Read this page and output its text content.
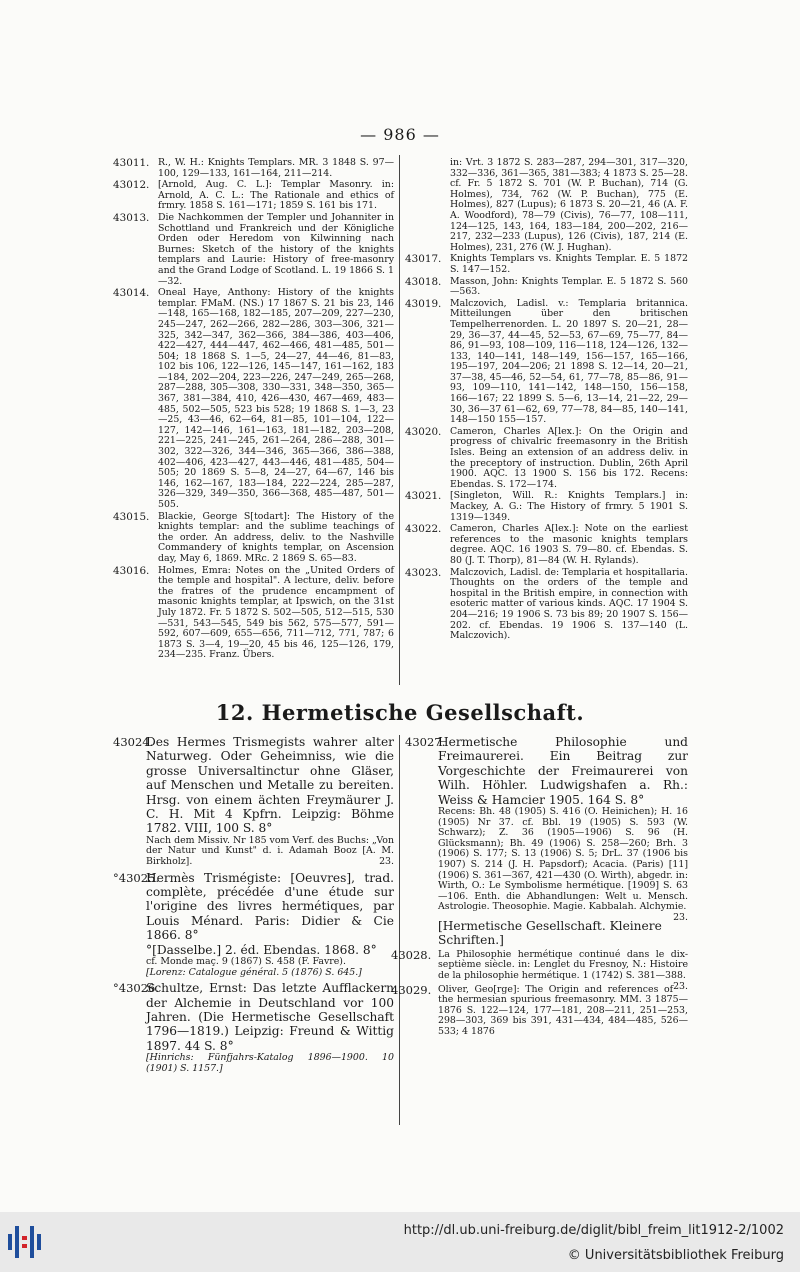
— 986 —
43011. R., W. H.: Knights Templars. MR. 3 1848 S. 97—100, 129—133, 161—164, 211—214.
43012. [Arnold, Aug. C. L.]: Templar Masonry. in: Arnold, A. C. L.: The Rationale and ethics of frmry. 1858 S. 161—171; 1859 S. 161 bis 171.
43013. Die Nachkommen der Templer und Johanniter in Schottland und Frankreich und der Königliche Orden oder Heredom von Kilwinning nach Burnes: Sketch of the history of the knights templars and Laurie: History of free-masonry and the Grand Lodge of Scotland. L. 19 1866 S. 1—32.
43014. Oneal Haye, Anthony: History of the knights templar. FMaM. (NS.) 17 1867 S. 21 bis 23, 146—148, 165—168, 182—185, 207—209, 227—230, 245—247, 262—266, 282—286, 303—306, 321—325, 342—347, 362—366, 384—386, 403—406, 422—427, 444—447, 462—466, 481—485, 501—504; 18 1868 S. 1—5, 24—27, 44—46, 81—83, 102 bis 106, 122—126, 145—147, 161—162, 183—184, 202—204, 223—226, 247—249, 265—268, 287—288, 305—308, 330—331, 348—350, 365—367, 381—384, 410, 426—430, 467—469, 483—485, 502—505, 523 bis 528; 19 1868 S. 1—3, 23—25, 43—46, 62—64, 81—85, 101—104, 122—127, 142—146, 161—163, 181—182, 203—208, 221—225, 241—245, 261—264, 286—288, 301—302, 322—326, 344—346, 365—366, 386—388, 402—406, 423—427, 443—446, 481—485, 504—505; 20 1869 S. 5—8, 24—27, 64—67, 146 bis 146, 162—167, 183—184, 222—224, 285—287, 326—329, 349—350, 366—368, 485—487, 501—505.
43015. Blackie, George S[todart]: The History of the knights templar: and the sublime teachings of the order. An address, deliv. to the Nashville Commandery of knights templar, on Ascension day, May 6, 1869. MRc. 2 1869 S. 65—83.
43016. Holmes, Emra: Notes on the „United Orders of the temple and hospital". A lecture, deliv. before the fratres of the prudence encampment of masonic knights templar, at Ipswich, on the 31st July 1872. Fr. 5 1872 S. 502—505, 512—515, 530—531, 543—545, 549 bis 562, 575—577, 591—592, 607—609, 655—656, 711—712, 771, 787; 6 1873 S. 3—4, 19—20, 45 bis 46, 125—126, 179, 234—235. Franz. Übers.
in: Vrt. 3 1872 S. 283—287, 294—301, 317—320, 332—336, 361—365, 381—383; 4 1873 S. 25—28. cf. Fr. 5 1872 S. 701 (W. P. Buchan), 714 (G. Holmes), 734, 762 (W. P. Buchan), 775 (E. Holmes), 827 (Lupus); 6 1873 S. 20—21, 46 (A. F. A. Woodford), 78—79 (Civis), 76—77, 108—111, 124—125, 143, 164, 183—184, 200—202, 216—217, 232—233 (Lupus), 126 (Civis), 187, 214 (E. Holmes), 231, 276 (W. J. Hughan).
43017. Knights Templars vs. Knights Templar. E. 5 1872 S. 147—152.
43018. Masson, John: Knights Templar. E. 5 1872 S. 560—563.
43019. Malczovich, Ladisl. v.: Templaria britannica. Mitteilungen über den britischen Tempelherrenorden. L. 20 1897 S. 20—21, 28—29, 36—37, 44—45, 52—53, 67—69, 75—77, 84—86, 91—93, 108—109, 116—118, 124—126, 132—133, 140—141, 148—149, 156—157, 165—166, 195—197, 204—206; 21 1898 S. 12—14, 20—21, 37—38, 45—46, 52—54, 61, 77—78, 85—86, 91—93, 109—110, 141—142, 148—150, 156—158, 166—167; 22 1899 S. 5—6, 13—14, 21—22, 29—30, 36—37 61—62, 69, 77—78, 84—85, 140—141, 148—150 155—157.
43020. Cameron, Charles A[lex.]: On the Origin and progress of chivalric freemasonry in the British Isles. Being an extension of an address deliv. in the preceptory of instruction. Dublin, 26th April 1900. AQC. 13 1900 S. 156 bis 172. Recens: Ebendas. S. 172—174.
43021. [Singleton, Will. R.: Knights Templars.] in: Mackey, A. G.: The History of frmry. 5 1901 S. 1319—1349.
43022. Cameron, Charles A[lex.]: Note on the earliest references to the masonic knights templars degree. AQC. 16 1903 S. 79—80. cf. Ebendas. S. 80 (J. T. Thorp), 81—84 (W. H. Rylands).
43023. Malczovich, Ladisl. de: Templaria et hospitallaria. Thoughts on the orders of the temple and hospital in the British empire, in connection with esoteric matter of various kinds. AQC. 17 1904 S. 204—216; 19 1906 S. 73 bis 89; 20 1907 S. 156—202. cf. Ebendas. 19 1906 S. 137—140 (L. Malczovich).
12. Hermetische Gesellschaft.
43024.
Des Hermes Trismegists wahrer alter Naturweg. Oder Geheimniss, wie die grosse Universaltinctur ohne Gläser, auf Menschen und Metalle zu bereiten. Hrsg. von einem ächten Freymäurer J. C. H. Mit 4 Kpfrn. Leipzig: Böhme 1782. VIII, 100 S. 8°
Nach dem Missiv. Nr 185 vom Verf. des Buchs: „Von der Natur und Kunst" d. i. Adamah Booz [A. M. Birkholz].	23.
°43025.
Hermès Trismégiste: [Oeuvres], trad. complète, précédée d'une étude sur l'origine des livres hermétiques, par Louis Ménard. Paris: Didier & Cie 1866. 8°
°[Dasselbe.] 2. éd. Ebendas. 1868. 8°
cf. Monde maç. 9 (1867) S. 458 (F. Favre).
[Lorenz: Catalogue général. 5 (1876) S. 645.]
°43026.
Schultze, Ernst: Das letzte Aufflackern der Alchemie in Deutschland vor 100 Jahren. (Die Hermetische Gesellschaft 1796—1819.) Leipzig: Freund & Wittig 1897. 44 S. 8°
[Hinrichs: Fünfjahrs-Katalog 1896—1900. 10 (1901) S. 1157.]
43027.
Hermetische Philosophie und Freimaurerei. Ein Beitrag zur Vorgeschichte der Freimaurerei von Wilh. Höhler. Ludwigshafen a. Rh.: Weiss & Hamcier 1905. 164 S. 8°
Recens: Bh. 48 (1905) S. 416 (O. Heinichen); H. 16 (1905) Nr 37. cf. Bbl. 19 (1905) S. 593 (W. Schwarz); Z. 36 (1905—1906) S. 96 (H. Glücksmann); Bh. 49 (1906) S. 258—260; Brh. 3 (1906) S. 177; S. 13 (1906) S. 5; DrL. 37 (1906 bis 1907) S. 214 (J. H. Papsdorf); Acacia. (Paris) [11] (1906) S. 361—367, 421—430 (O. Wirth), abgedr. in: Wirth, O.: Le Symbolisme hermétique. [1909] S. 63—106. Enth. die Abhandlungen: Welt u. Mensch. Astrologie. Theosophie. Magie. Kabbalah. Alchymie.
23.
[Hermetische Gesellschaft. Kleinere Schriften.]
43028. La Philosophie hermétique continué dans le dix-septième siècle. in: Lenglet du Fresnoy, N.: Histoire de la philosophie hermétique. 1 (1742) S. 381—388.
23.
43029. Oliver, Geo[rge]: The Origin and references of the hermesian spurious freemasonry. MM. 3 1875—1876 S. 122—124, 177—181, 208—211, 251—253, 298—303, 369 bis 391, 431—434, 484—485, 526—533; 4 1876
http://dl.ub.uni-freiburg.de/diglit/bibl_freim_lit1912-2/1002
© Universitätsbibliothek Freiburg
